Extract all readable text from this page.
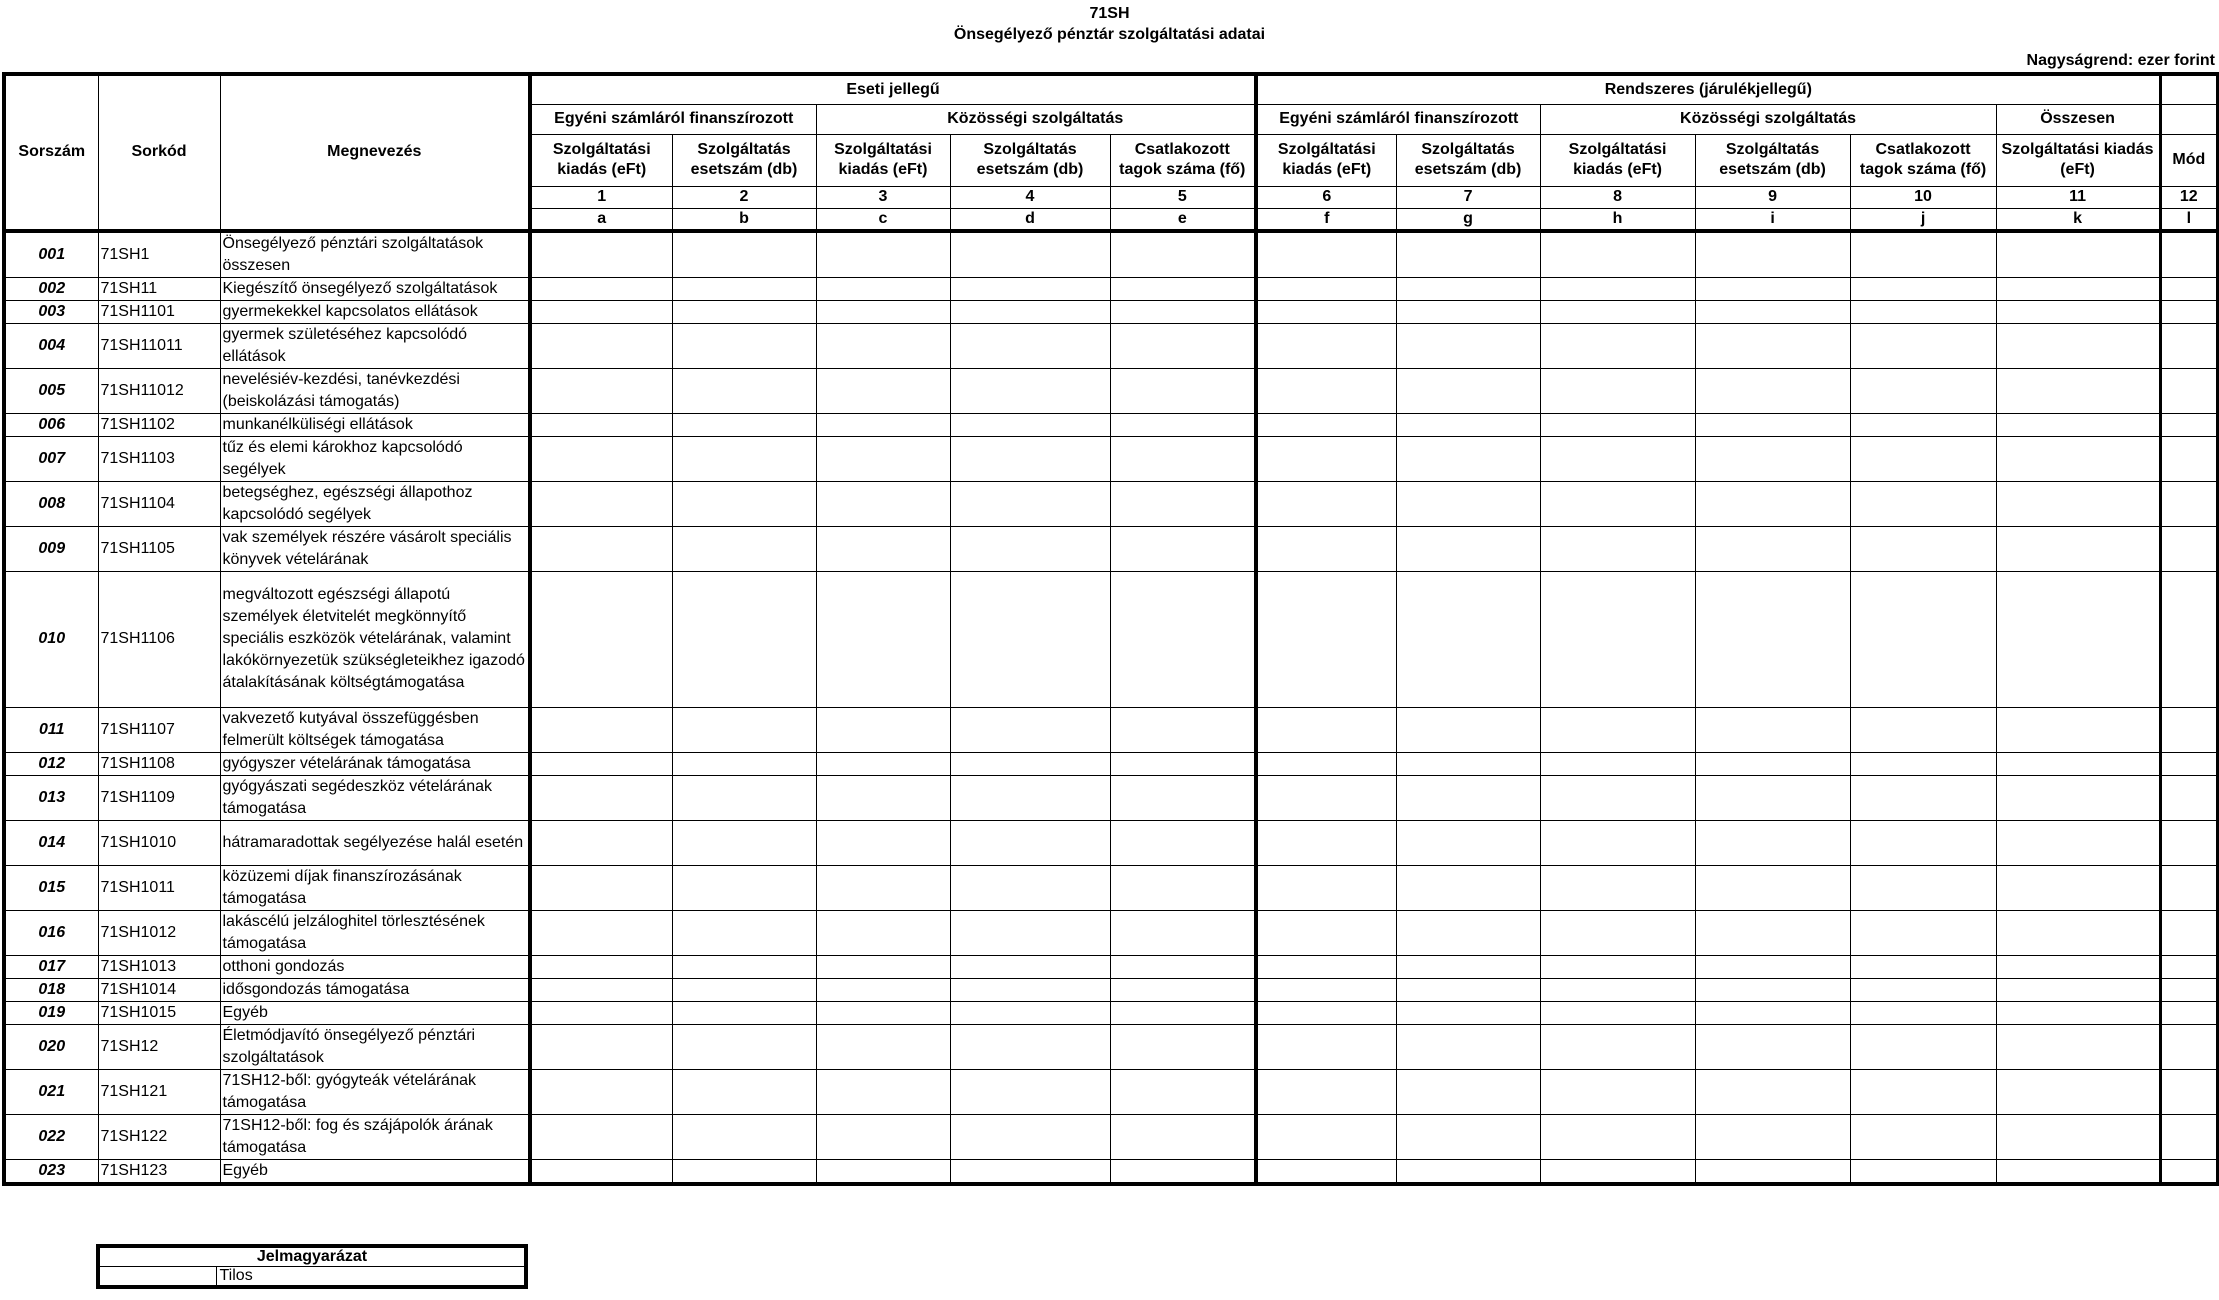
71SH
Önsegélyező pénztár szolgáltatási adatai
Nagyságrend: ezer forint
Sorszám	Sorkód	Megnevezés	Eseti jellegű					Rendszeres (járulékjellegű)						
			Egyéni számláról finanszírozott		Közösségi szolgáltatás			Egyéni számláról finanszírozott		Közösségi szolgáltatás			Összesen	
			Szolgáltatási kiadás (eFt)	Szolgáltatás esetszám (db)	Szolgáltatási kiadás (eFt)	Szolgáltatás esetszám (db)	Csatlakozott tagok száma (fő)	Szolgáltatási kiadás (eFt)	Szolgáltatás esetszám (db)	Szolgáltatási kiadás (eFt)	Szolgáltatás esetszám (db)	Csatlakozott tagok száma (fő)	Szolgáltatási kiadás (eFt)	Mód
			1	2	3	4	5	6	7	8	9	10	11	12
			a	b	c	d	e	f	g	h	i	j	k	l
001	71SH1	Önsegélyező pénztári szolgáltatások összesen												
002	71SH11	Kiegészítő önsegélyező szolgáltatások												
003	71SH1101	gyermekekkel kapcsolatos ellátások												
004	71SH11011	gyermek születéséhez kapcsolódó ellátások												
005	71SH11012	nevelésiév-kezdési, tanévkezdési (beiskolázási támogatás)												
006	71SH1102	munkanélküliségi ellátások												
007	71SH1103	tűz és elemi károkhoz kapcsolódó segélyek												
008	71SH1104	betegséghez, egészségi állapothoz kapcsolódó segélyek												
009	71SH1105	vak személyek részére vásárolt speciális könyvek vételárának												
010	71SH1106	megváltozott egészségi állapotú személyek életvitelét megkönnyítő speciális eszközök vételárának, valamint lakókörnyezetük szükségleteikhez igazodó átalakításának költségtámogatása												
011	71SH1107	vakvezető kutyával összefüggésben felmerült költségek támogatása												
012	71SH1108	gyógyszer vételárának támogatása												
013	71SH1109	gyógyászati segédeszköz vételárának támogatása												
014	71SH1010	hátramaradottak segélyezése halál esetén												
015	71SH1011	közüzemi díjak finanszírozásának támogatása												
016	71SH1012	lakáscélú jelzáloghitel törlesztésének támogatása												
017	71SH1013	otthoni gondozás												
018	71SH1014	idősgondozás támogatása												
019	71SH1015	Egyéb												
020	71SH12	Életmódjavító önsegélyező pénztári szolgáltatások												
021	71SH121	71SH12-ből: gyógyteák vételárának támogatása												
022	71SH122	71SH12-ből: fog és szájápolók árának támogatása												
023	71SH123	Egyéb												
Jelmagyarázat
	Tilos
